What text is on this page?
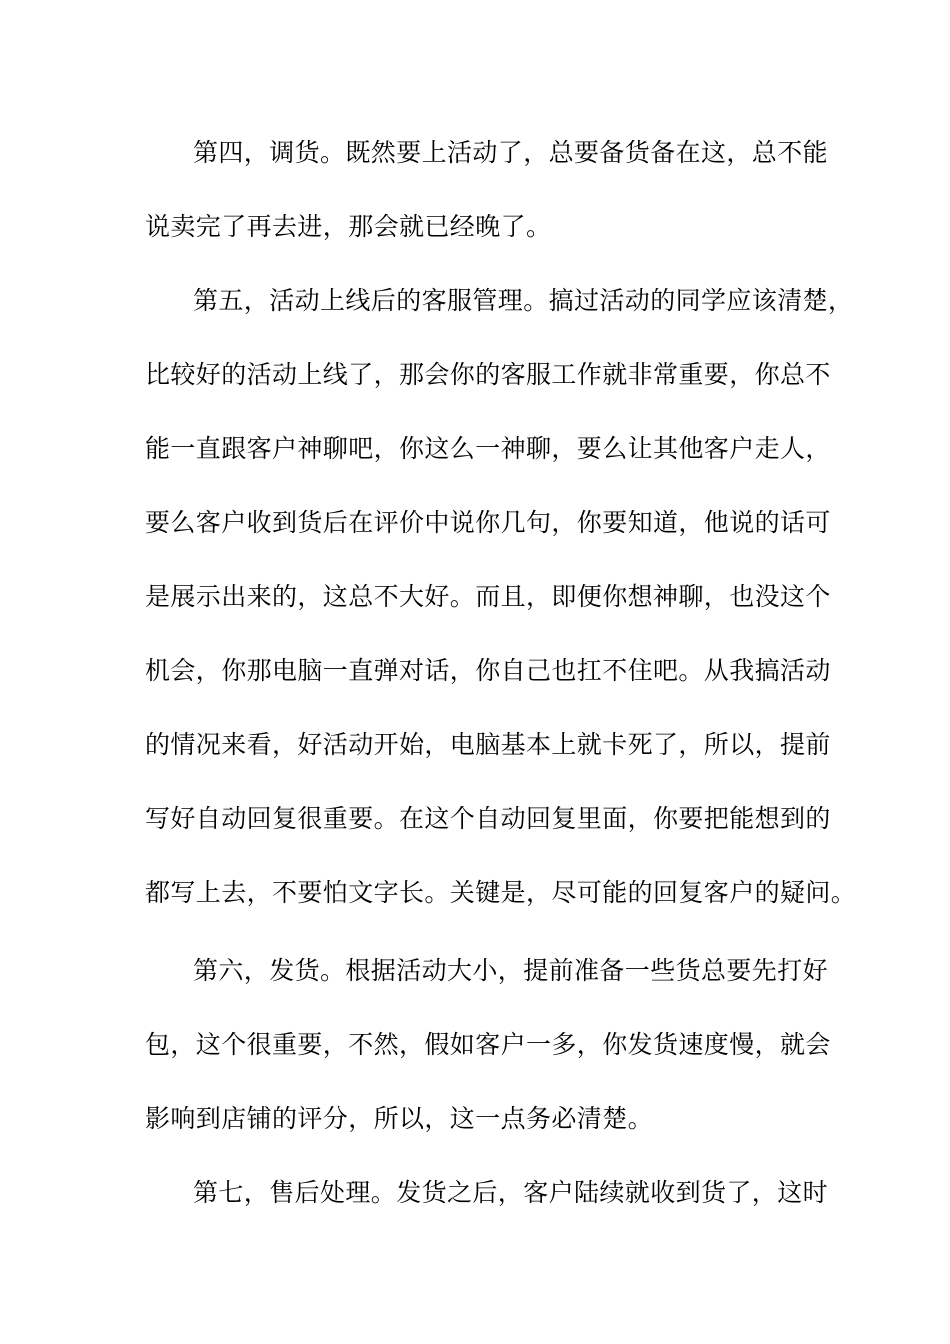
第四，调货。既然要上活动了，总要备货备在这，总不能
说卖完了再去进，那会就已经晚了。
第五，活动上线后的客服管理。搞过活动的同学应该清楚，
比较好的活动上线了，那会你的客服工作就非常重要，你总不
能一直跟客户神聊吧，你这么一神聊，要么让其他客户走人，
要么客户收到货后在评价中说你几句，你要知道，他说的话可
是展示出来的，这总不大好。而且，即便你想神聊，也没这个
机会，你那电脑一直弹对话，你自己也扛不住吧。从我搞活动
的情况来看，好活动开始，电脑基本上就卡死了，所以，提前
写好自动回复很重要。在这个自动回复里面，你要把能想到的
都写上去，不要怕文字长。关键是，尽可能的回复客户的疑问。
第六，发货。根据活动大小，提前准备一些货总要先打好
包，这个很重要，不然，假如客户一多，你发货速度慢，就会
影响到店铺的评分，所以，这一点务必清楚。
第七，售后处理。发货之后，客户陆续就收到货了，这时
